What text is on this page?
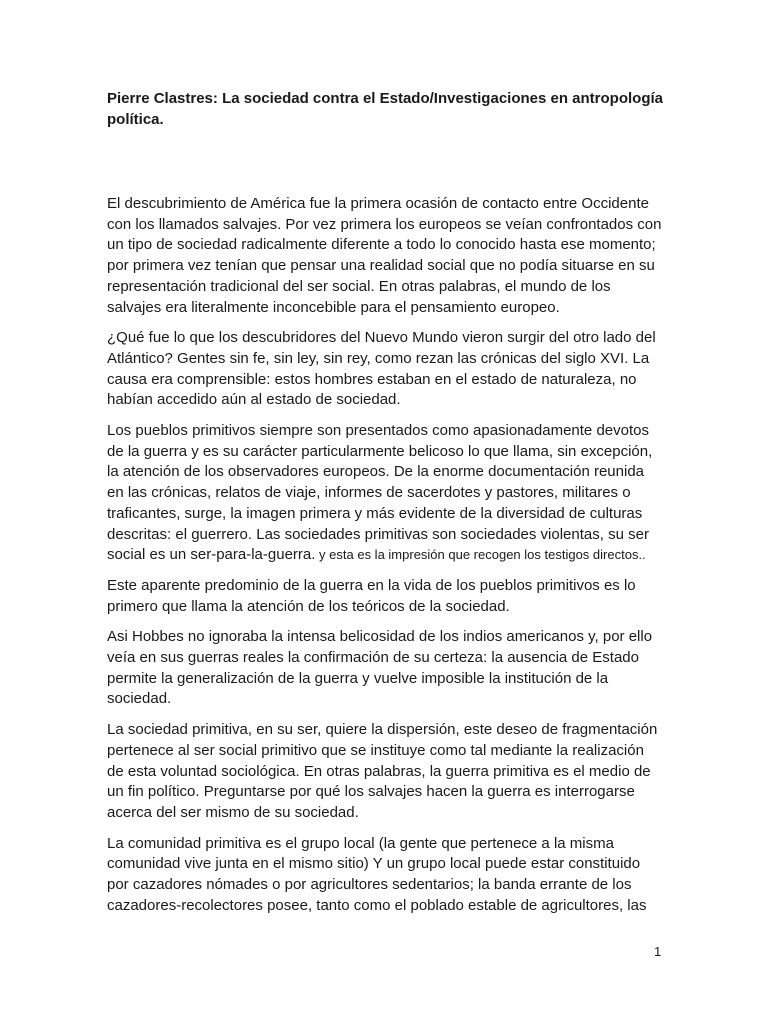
Pierre Clastres: La sociedad contra el Estado/Investigaciones en antropología política.

El descubrimiento de América fue la primera ocasión de contacto entre Occidente con los llamados salvajes. Por vez primera los europeos se veían confrontados con un tipo de sociedad radicalmente diferente a todo lo conocido hasta ese momento; por primera vez tenían que pensar una realidad social que no podía situarse en su representación tradicional del ser social. En otras palabras, el mundo de los salvajes era literalmente inconcebible para el pensamiento europeo.

¿Qué fue lo que los descubridores del Nuevo Mundo vieron surgir del otro lado del Atlántico? Gentes sin fe, sin ley, sin rey, como rezan las crónicas del siglo XVI. La causa era comprensible: estos hombres estaban en el estado de naturaleza, no habían accedido aún al estado de sociedad.

Los pueblos primitivos siempre son presentados como apasionadamente devotos de la guerra y es su carácter particularmente belicoso lo que llama, sin excepción, la atención de los observadores europeos. De la enorme documentación reunida en las crónicas, relatos de viaje, informes de sacerdotes y pastores, militares o traficantes, surge, la imagen primera y más evidente de la diversidad de culturas descritas: el guerrero. Las sociedades primitivas son sociedades violentas, su ser social es un ser-para-la-guerra. y esta es la impresión que recogen los testigos directos..

Este aparente predominio de la guerra en la vida de los pueblos primitivos es lo primero que llama la atención de los teóricos de la sociedad.

Asi Hobbes no ignoraba la intensa belicosidad de los indios americanos y, por ello veía en sus guerras reales la confirmación de su certeza: la ausencia de Estado permite la generalización de la guerra y vuelve imposible la institución de la sociedad.

La sociedad primitiva, en su ser, quiere la dispersión, este deseo de fragmentación pertenece al ser social primitivo que se instituye como tal mediante la realización de esta voluntad sociológica. En otras palabras, la guerra primitiva es el medio de un fin político. Preguntarse por qué los salvajes hacen la guerra es interrogarse acerca del ser mismo de su sociedad.

La comunidad primitiva es el grupo local (la gente que pertenece a la misma comunidad vive junta en el mismo sitio) Y un grupo local puede estar constituido por cazadores nómades o por agricultores sedentarios; la banda errante de los cazadores-recolectores posee, tanto como el poblado estable de agricultores, las

1
